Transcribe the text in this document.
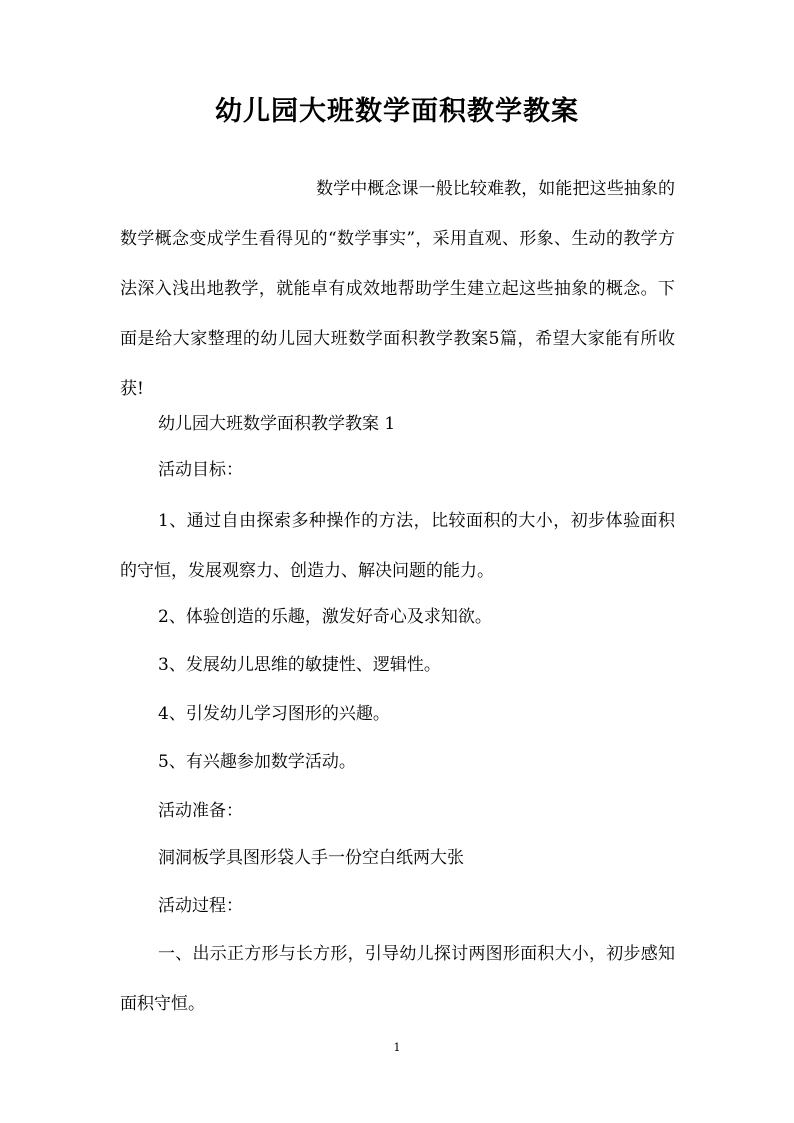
幼儿园大班数学面积教学教案

数学中概念课一般比较难教，如能把这些抽象的数学概念变成学生看得见的“数学事实”，采用直观、形象、生动的教学方法深入浅出地教学，就能卓有成效地帮助学生建立起这些抽象的概念。下面是给大家整理的幼儿园大班数学面积教学教案5篇，希望大家能有所收获!

幼儿园大班数学面积教学教案 1

活动目标：

1、通过自由探索多种操作的方法，比较面积的大小，初步体验面积的守恒，发展观察力、创造力、解决问题的能力。

2、体验创造的乐趣，激发好奇心及求知欲。

3、发展幼儿思维的敏捷性、逻辑性。

4、引发幼儿学习图形的兴趣。

5、有兴趣参加数学活动。

活动准备：

洞洞板学具图形袋人手一份空白纸两大张

活动过程：

一、出示正方形与长方形，引导幼儿探讨两图形面积大小，初步感知面积守恒。

1
